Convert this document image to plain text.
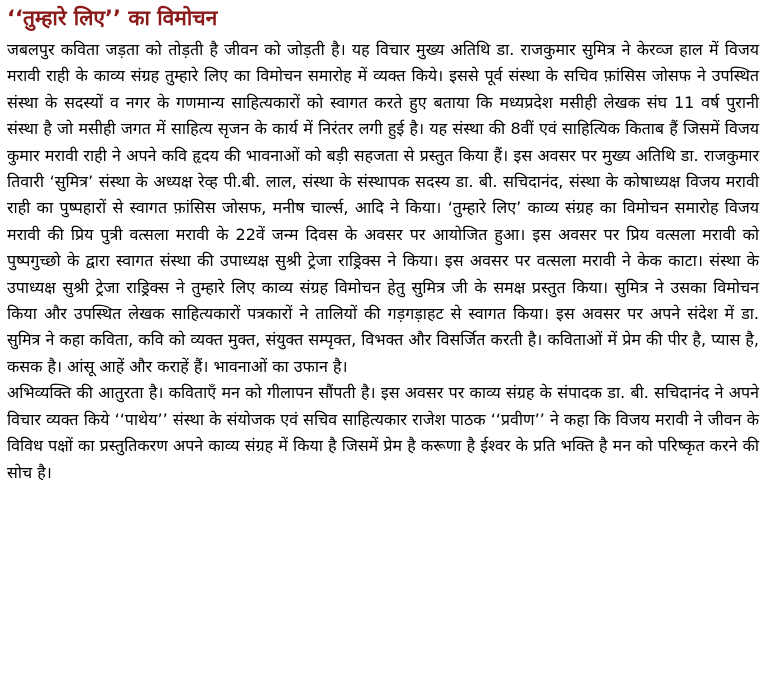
‘‘तुम्हारे लिए’’ का विमोचन

जबलपुर कविता जड़ता को तोड़ती है जीवन को जोड़ती है। यह विचार मुख्य अतिथि डा. राजकुमार सुमित्र ने केरव्ज हाल में विजय मरावी राही के काव्य संग्रह तुम्हारे लिए का विमोचन समारोह में व्यक्त किये। इससे पूर्व संस्था के सचिव फ़ांसिस जोसफ ने उपस्थित संस्था के सदस्यों व नगर के गणमान्य साहित्यकारों को स्वागत करते हुए बताया कि मध्यप्रदेश मसीही लेखक संघ 11 वर्ष पुरानी संस्था है जो मसीही जगत में साहित्य सृजन के कार्य में निरंतर लगी हुई है। यह संस्था की 8वीं एवं साहित्यिक किताब हैं जिसमें विजय कुमार मरावी राही ने अपने कवि हृदय की भावनाओं को बड़ी सहजता से प्रस्तुत किया हैं। इस अवसर पर मुख्य अतिथि डा. राजकुमार तिवारी ‘सुमित्र’ संस्था के अध्यक्ष रेव्ह पी.बी. लाल, संस्था के संस्थापक सदस्य डा. बी. सचिदानंद, संस्था के कोषाध्यक्ष विजय मरावी राही का पुष्पहारों से स्वागत फ़ांसिस जोसफ, मनीष चार्ल्स, आदि ने किया। ‘तुम्हारे लिए’ काव्य संग्रह का विमोचन समारोह विजय मरावी की प्रिय पुत्री वत्सला मरावी के 22वें जन्म दिवस के अवसर पर आयोजित हुआ। इस अवसर पर प्रिय वत्सला मरावी को पुष्पगुच्छो के द्वारा स्वागत संस्था की उपाध्यक्ष सुश्री ट्रेजा राड्रिक्स ने किया। इस अवसर पर वत्सला मरावी ने केक काटा। संस्था के उपाध्यक्ष सुश्री ट्रेजा राड्रिक्स ने तुम्हारे लिए काव्य संग्रह विमोचन हेतु सुमित्र जी के समक्ष प्रस्तुत किया। सुमित्र ने उसका विमोचन किया और उपस्थित लेखक साहित्यकारों पत्रकारों ने तालियों की गड़गड़ाहट से स्वागत किया। इस अवसर पर अपने संदेश में डा. सुमित्र ने कहा कविता, कवि को व्यक्त मुक्त, संयुक्त सम्पृक्त, विभक्त और विसर्जित करती है। कविताओं में प्रेम की पीर है, प्यास है, कसक है। आंसू आहें और कराहें हैं। भावनाओं का उफान है।

अभिव्यक्ति की आतुरता है। कविताएँ मन को गीलापन सौंपती है। इस अवसर पर काव्य संग्रह के संपादक डा. बी. सचिदानंद ने अपने विचार व्यक्त किये ‘‘पाथेय’’ संस्था के संयोजक एवं सचिव साहित्यकार राजेश पाठक ‘‘प्रवीण’’ ने कहा कि विजय मरावी ने जीवन के विविध पक्षों का प्रस्तुतिकरण अपने काव्य संग्रह में किया है जिसमें प्रेम है करूणा है ईश्वर के प्रति भक्ति है मन को परिष्कृत करने की सोच है।
